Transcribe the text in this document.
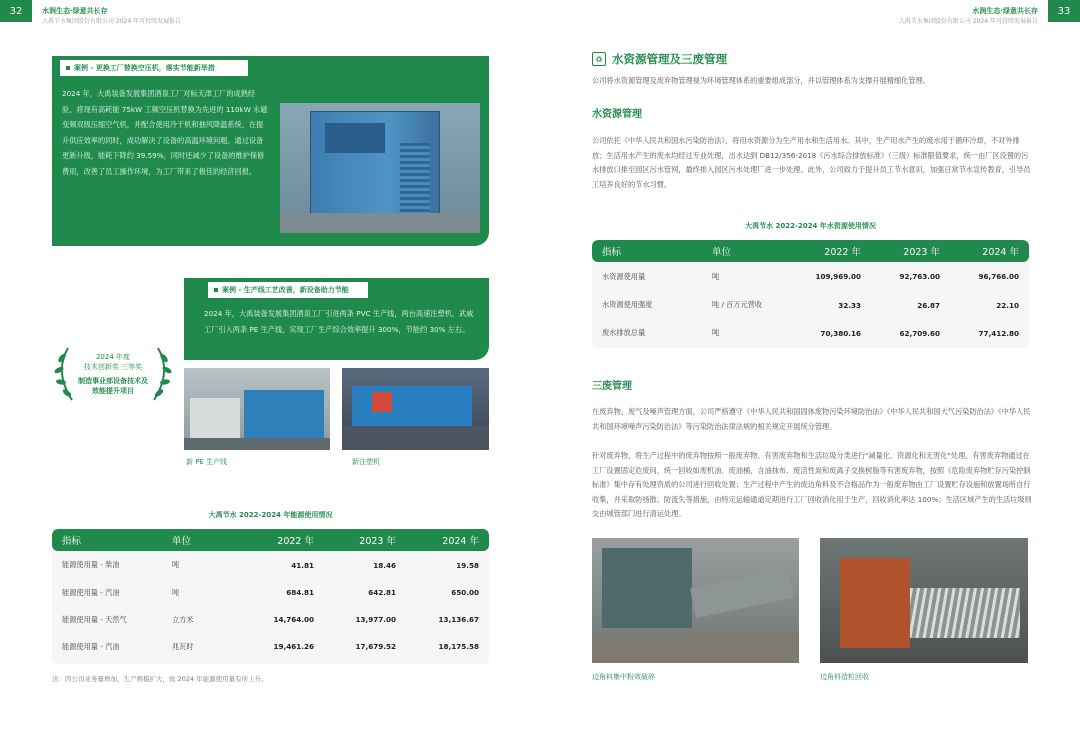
32	水润生态·绿意共长存
大禹节水集团股份有限公司 2024 年可持续发展报告
案例 - 更换工厂替换空压机，落实节能新举措
2024 年，大禹装备发展集团酒泉工厂对标天津工厂的成熟经验，将现有高耗能 75kW 工频空压机替换为先进的 110kW 永磁变频双级压缩空气机，并配合使用冷干机和抽风降温系统，在提升供应效率的同时，成功解决了设备的高温环境问题。通过设备更新升级，能耗下降约 39.59%，同时还减少了设备的维护保修费用，改善了员工操作环境，为工厂带来了极佳的经济回报。
110kW 永磁变频双级压缩空气机
案例 - 生产线工艺改善，新设备助力节能
2024 年，大禹装备发展集团酒泉工厂引进两条 PVC 生产线，两台高速注塑机，武威工厂引入两条 PE 生产线，实现工厂生产综合效率提升 300%，节能约 30% 左右。
2024 年度
技术创新奖 三等奖
制造事业部设备技术及
效能提升项目
新 PE 生产线	新注塑机
大禹节水 2022-2024 年能源使用情况
指标	单位	2022 年	2023 年	2024 年
能源使用量 - 柴油	吨	41.81	18.46	19.58
能源使用量 - 汽油	吨	684.81	642.81	650.00
能源使用量 - 天然气	立方米	14,764.00	13,977.00	13,136.67
能源使用量 - 汽油	兆瓦时	19,461.26	17,679.52	18,175.58
注：因公司业务量增加，生产规模扩大，致 2024 年能源使用量有所上升。
33
水润生态·绿意共长存
大禹节水集团股份有限公司 2024 年可持续发展报告
♻ 水资源管理及三废管理
公司将水资源管理及废弃物管理视为环境管理体系的重要组成部分，并以管理体系为支撑开展精细化管理。
水资源管理
公司依托《中华人民共和国水污染防治法》，将用水资源分为生产用水和生活用水。其中，生产用水产生的废水用于循环冷却，不对外排放；生活用水产生的废水均经过专业处理，出水达到 DB12/356-2018《污水综合排放标准》（三级）标准限值要求，统一由厂区设置的污水排放口排至园区污水管网，最终排入园区污水处理厂进一步处理。此外，公司致力于提升员工节水意识，加强日常节水宣传教育，引导员工培养良好的节水习惯。
大禹节水 2022-2024 年水资源使用情况
指标	单位	2022 年	2023 年	2024 年
水资源使用量	吨	109,969.00	92,763.00	96,766.00
水资源使用强度	吨 / 百万元营收	32.33	26.87	22.10
废水排放总量	吨	70,380.16	62,709.60	77,412.80
三废管理
在废弃物、废气及噪声管理方面，公司严格遵守《中华人民共和国固体废物污染环境防治法》《中华人民共和国大气污染防治法》《中华人民共和国环境噪声污染防治法》等污染防治法律法规的相关规定开展统分管理。
针对废弃物，将生产过程中的废弃物按照一般废弃物、有害废弃物和生活垃圾分类进行"减量化、资源化和无害化"处理。有害废弃物通过在工厂设置固定危废间，统一回收如废机油、废油桶、含油抹布、废活性炭和废离子交换树脂等有害废弃物，按照《危险废弃物贮存污染控制标准》集中存有处理资质的公司进行回收处置；生产过程中产生的废边角料及不合格品作为一般废弃物由工厂设置贮存设施和放置场所自行收集，并采取防扬散、防流失等措施，由特定运输通道定期进行工厂回收消化用于生产，回收消化率达 100%；生活区域产生的生活垃圾则交由城管部门进行清运处理。
边角料集中粉效破碎	边角料造粒回收
